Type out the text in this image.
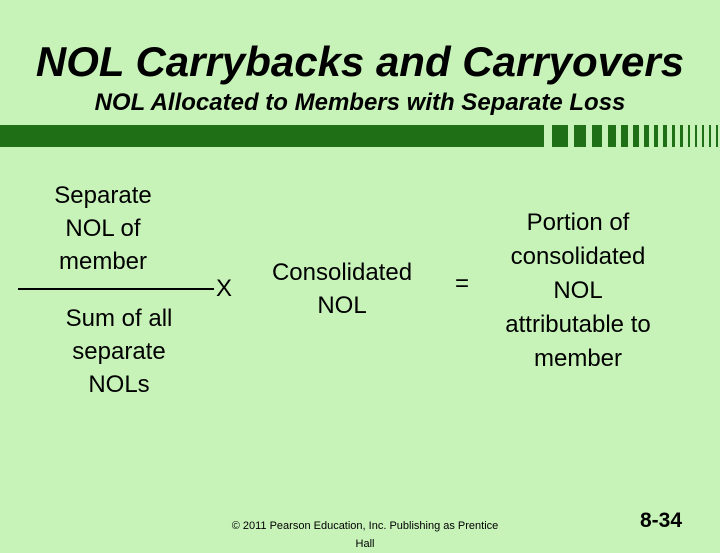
NOL Carrybacks and Carryovers
NOL Allocated to Members with Separate Loss
Separate
NOL of
member
Sum of all
separate
NOLs
X
Consolidated
NOL
=
Portion of
consolidated
NOL
attributable to
member
© 2011 Pearson Education, Inc. Publishing as Prentice
Hall
8-34
